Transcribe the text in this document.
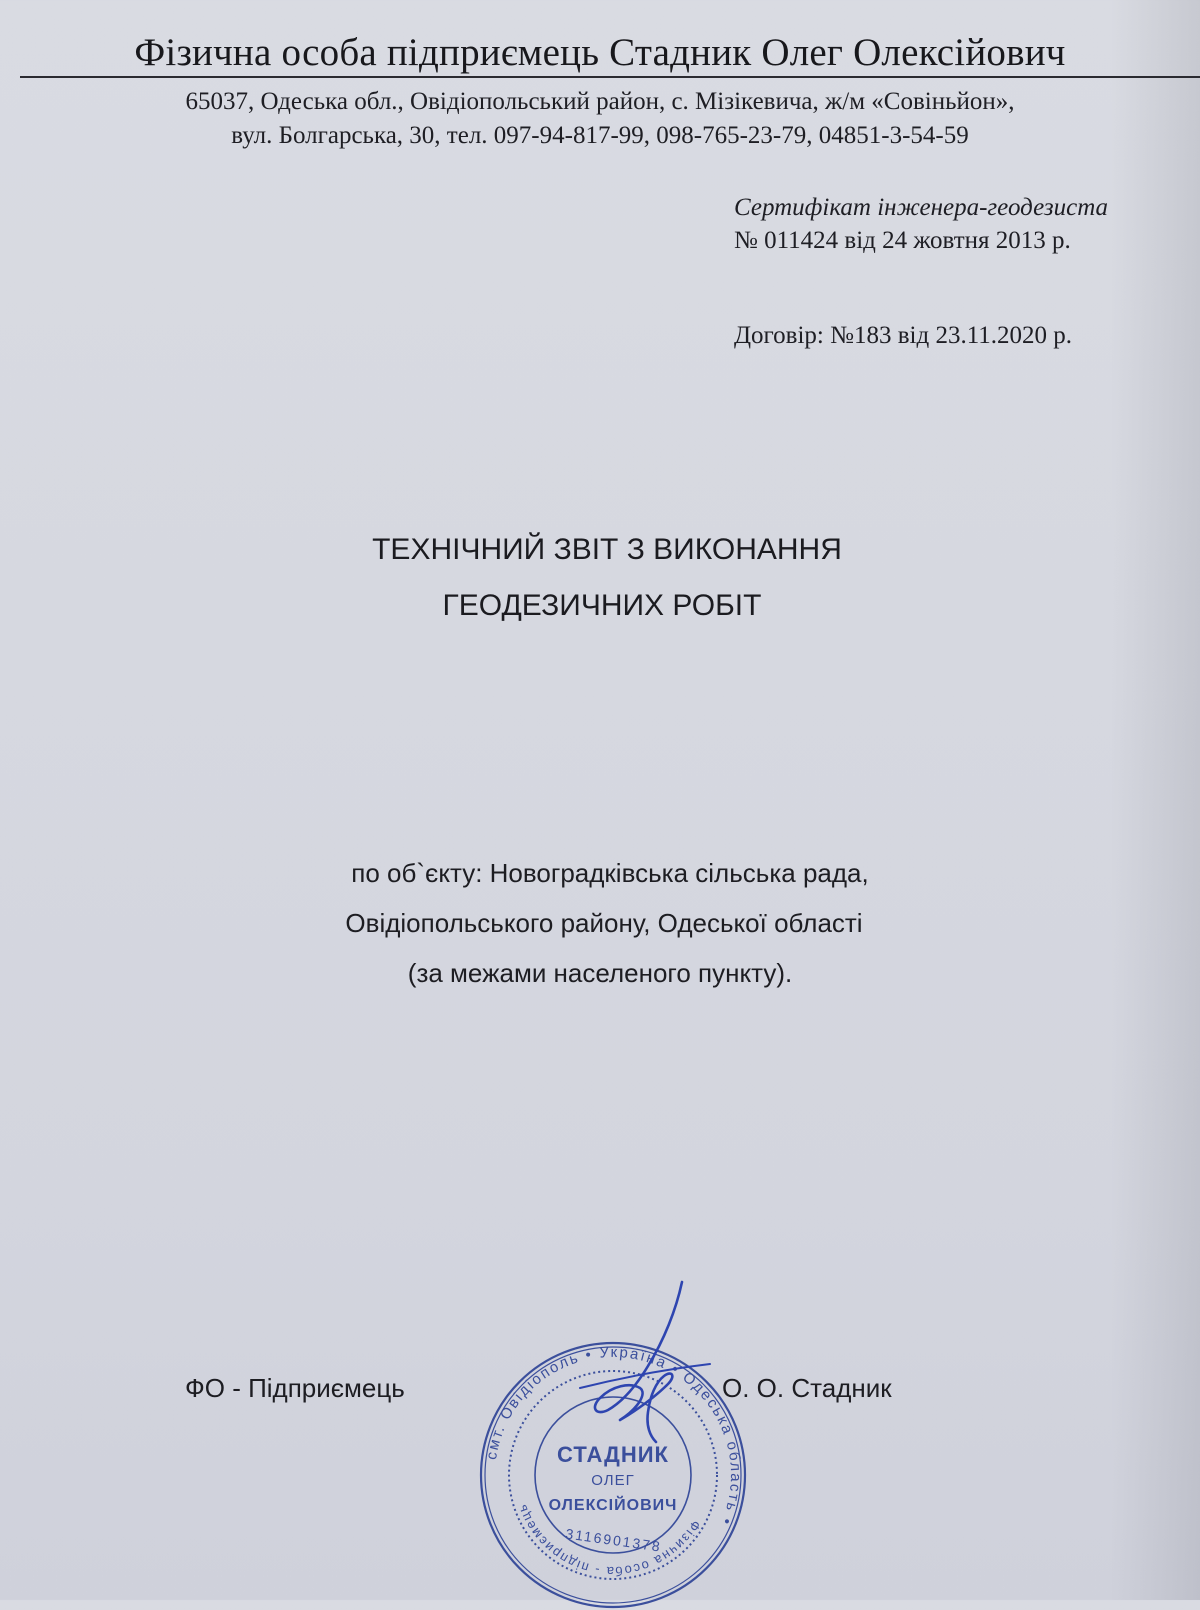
Фізична особа підприємець Стадник Олег Олексійович
65037, Одеська обл., Овідіопольський район, с. Мізікевича, ж/м «Совіньйон»,
вул. Болгарська, 30, тел. 097-94-817-99, 098-765-23-79, 04851-3-54-59
Сертифікат інженера-геодезиста
№ 011424 від 24 жовтня 2013 р.
Договір: №183 від 23.11.2020 р.
ТЕХНІЧНИЙ ЗВІТ З ВИКОНАННЯ
ГЕОДЕЗИЧНИХ РОБІТ
по об`єкту: Новоградківська сільська рада,
Овідіопольського району, Одеської області
(за межами населеного пункту).
ФО - Підприємець	О. О. Стадник
смт. Овідіополь • Україна • Одеська область •
Фізична особа - підприємець
СТАДНИК
ОЛЕГ
ОЛЕКСІЙОВИЧ
3116901378
